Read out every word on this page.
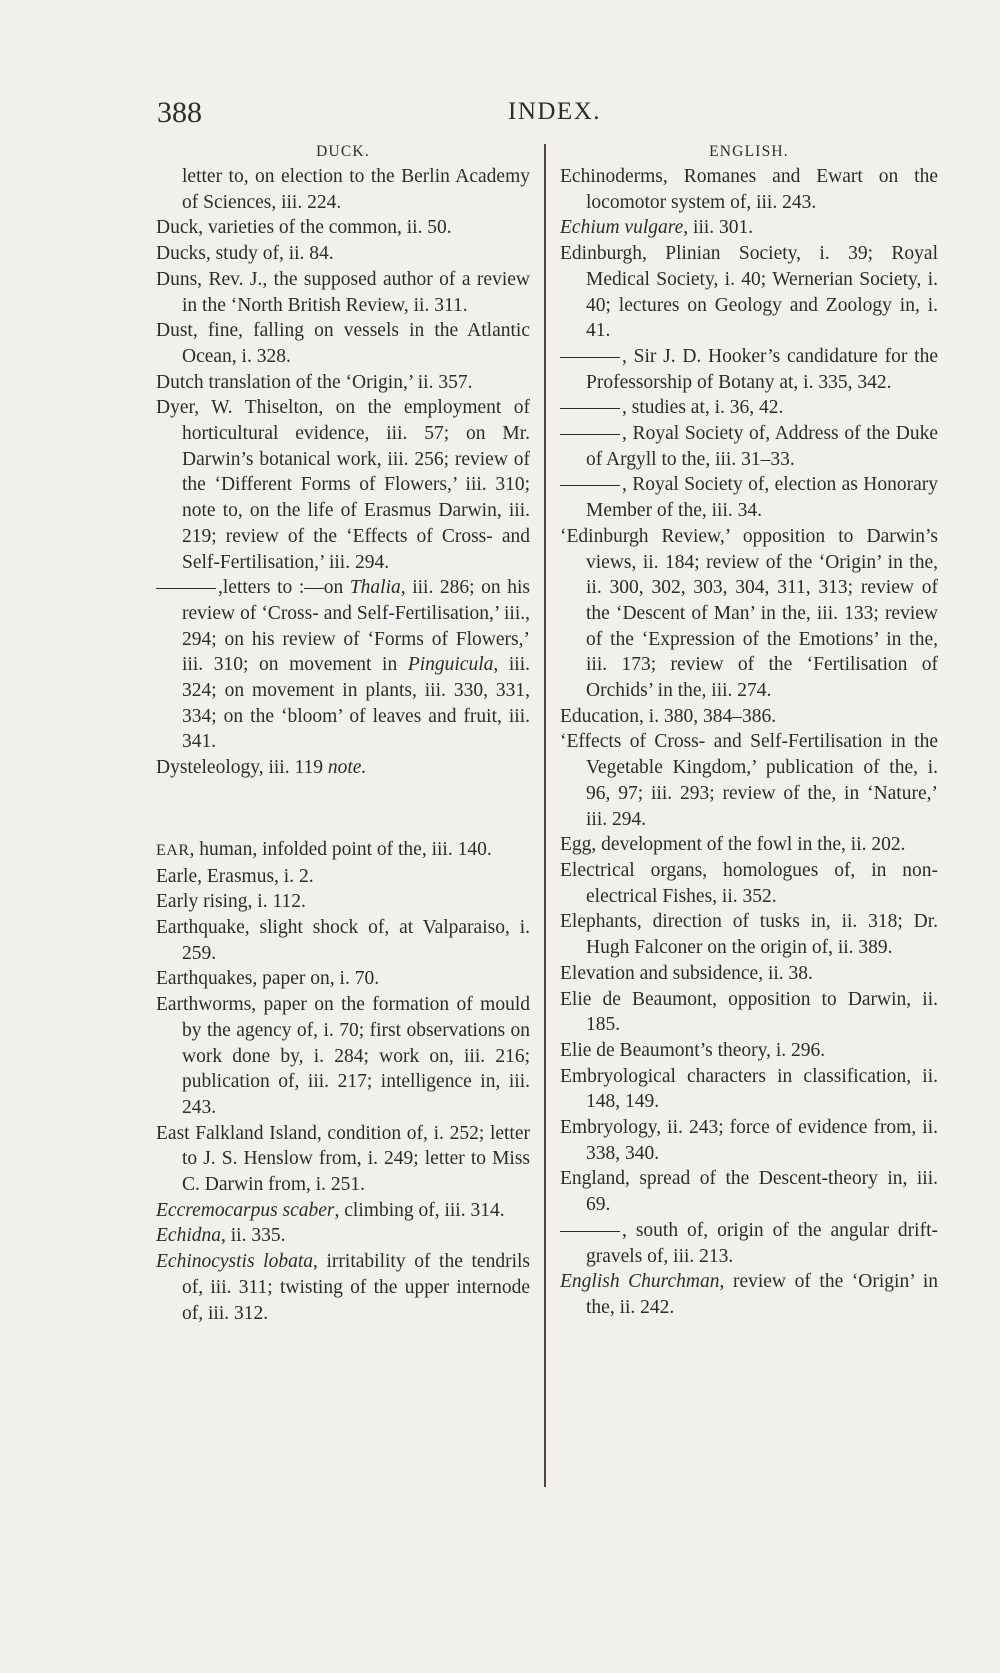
388	INDEX.
DUCK.
letter to, on election to the Berlin Academy of Sciences, iii. 224.
Duck, varieties of the common, ii. 50.
Ducks, study of, ii. 84.
Duns, Rev. J., the supposed author of a review in the ‘North British Review, ii. 311.
Dust, fine, falling on vessels in the Atlantic Ocean, i. 328.
Dutch translation of the ‘Origin,’ ii. 357.
Dyer, W. Thiselton, on the employment of horticultural evidence, iii. 57; on Mr. Darwin’s botanical work, iii. 256; review of the ‘Different Forms of Flowers,’ iii. 310; note to, on the life of Erasmus Darwin, iii. 219; review of the ‘Effects of Cross- and Self-Fertilisation,’ iii. 294.
,letters to :—on Thalia, iii. 286; on his review of ‘Cross- and Self-Fertilisation,’ iii., 294; on his review of ‘Forms of Flowers,’ iii. 310; on movement in Pinguicula, iii. 324; on movement in plants, iii. 330, 331, 334; on the ‘bloom’ of leaves and fruit, iii. 341.
Dysteleology, iii. 119 note.
EAR, human, infolded point of the, iii. 140.
Earle, Erasmus, i. 2.
Early rising, i. 112.
Earthquake, slight shock of, at Valparaiso, i. 259.
Earthquakes, paper on, i. 70.
Earthworms, paper on the formation of mould by the agency of, i. 70; first observations on work done by, i. 284; work on, iii. 216; publication of, iii. 217; intelligence in, iii. 243.
East Falkland Island, condition of, i. 252; letter to J. S. Henslow from, i. 249; letter to Miss C. Darwin from, i. 251.
Eccremocarpus scaber, climbing of, iii. 314.
Echidna, ii. 335.
Echinocystis lobata, irritability of the tendrils of, iii. 311; twisting of the upper internode of, iii. 312.
ENGLISH.
Echinoderms, Romanes and Ewart on the locomotor system of, iii. 243.
Echium vulgare, iii. 301.
Edinburgh, Plinian Society, i. 39; Royal Medical Society, i. 40; Wernerian Society, i. 40; lectures on Geology and Zoology in, i. 41.
, Sir J. D. Hooker’s candidature for the Professorship of Botany at, i. 335, 342.
, studies at, i. 36, 42.
, Royal Society of, Address of the Duke of Argyll to the, iii. 31–33.
, Royal Society of, election as Honorary Member of the, iii. 34.
‘Edinburgh Review,’ opposition to Darwin’s views, ii. 184; review of the ‘Origin’ in the, ii. 300, 302, 303, 304, 311, 313; review of the ‘Descent of Man’ in the, iii. 133; review of the ‘Expression of the Emotions’ in the, iii. 173; review of the ‘Fertilisation of Orchids’ in the, iii. 274.
Education, i. 380, 384–386.
‘Effects of Cross- and Self-Fertilisation in the Vegetable Kingdom,’ publication of the, i. 96, 97; iii. 293; review of the, in ‘Nature,’ iii. 294.
Egg, development of the fowl in the, ii. 202.
Electrical organs, homologues of, in non-electrical Fishes, ii. 352.
Elephants, direction of tusks in, ii. 318; Dr. Hugh Falconer on the origin of, ii. 389.
Elevation and subsidence, ii. 38.
Elie de Beaumont, opposition to Darwin, ii. 185.
Elie de Beaumont’s theory, i. 296.
Embryological characters in classification, ii. 148, 149.
Embryology, ii. 243; force of evidence from, ii. 338, 340.
England, spread of the Descent-theory in, iii. 69.
, south of, origin of the angular drift-gravels of, iii. 213.
English Churchman, review of the ‘Origin’ in the, ii. 242.
